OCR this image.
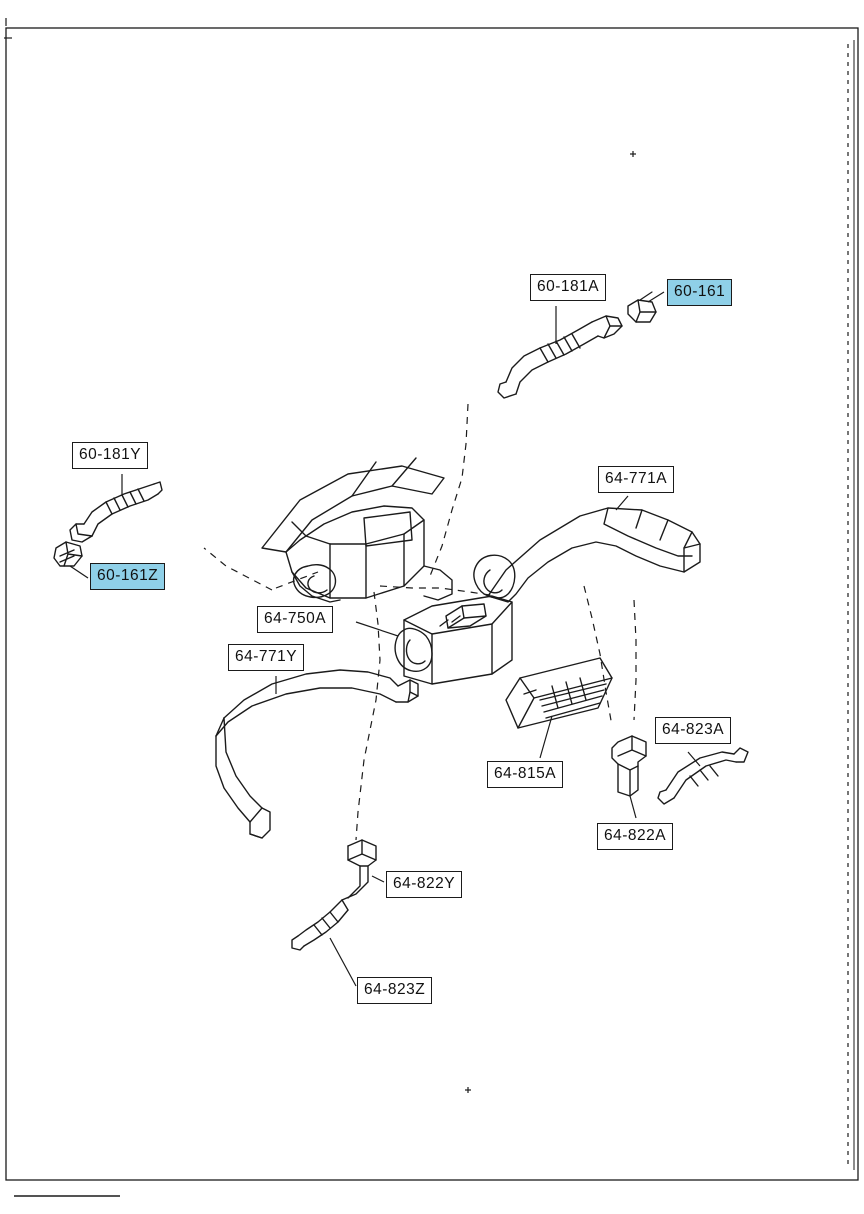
60-181A	60-161
60-181Y
64-771A
60-161Z
64-750A
64-771Y
64-823A
64-815A
64-822A
64-822Y
64-823Z
